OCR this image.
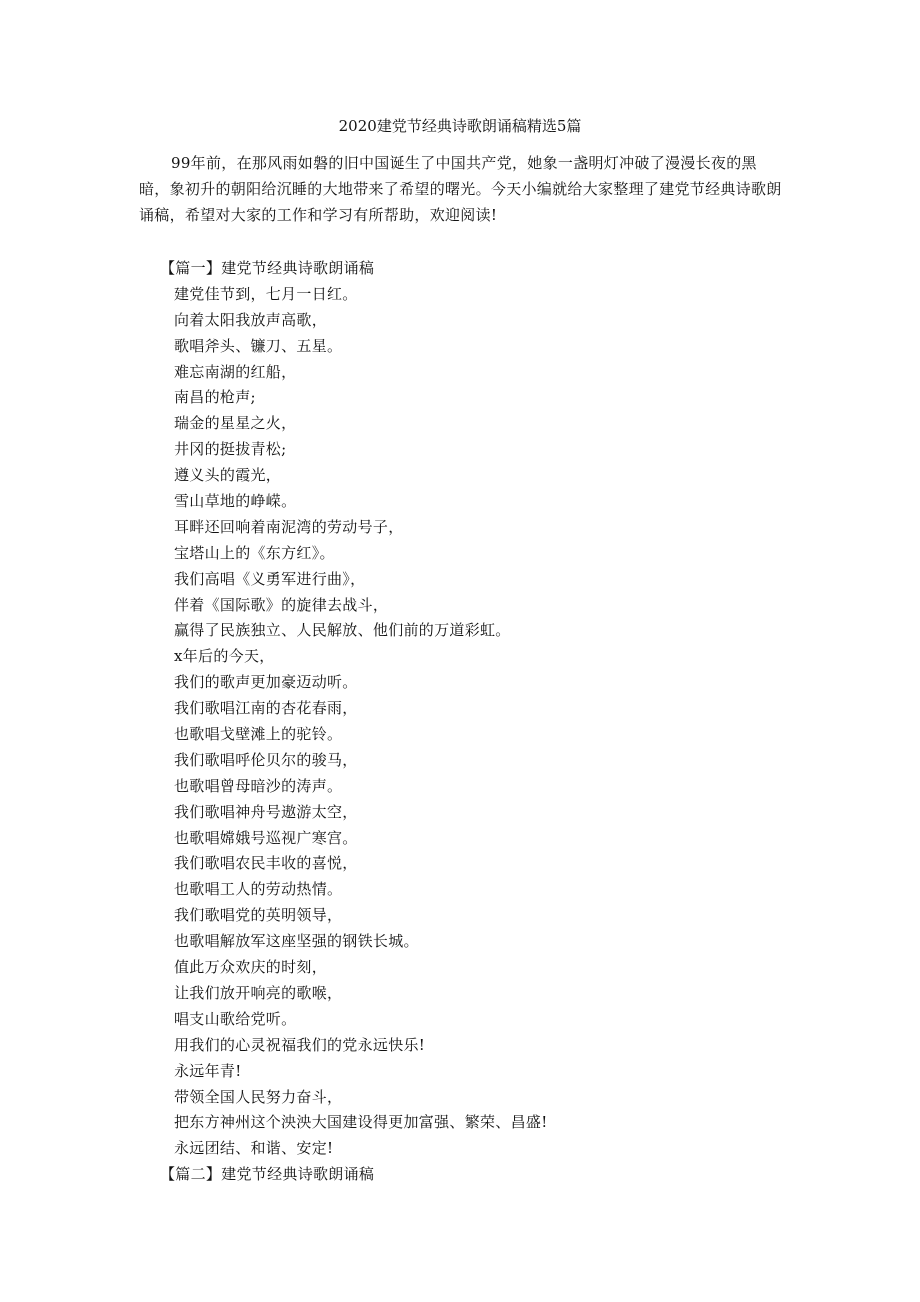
2020建党节经典诗歌朗诵稿精选5篇

99年前，在那风雨如磐的旧中国诞生了中国共产党，她象一盏明灯冲破了漫漫长夜的黑暗，象初升的朝阳给沉睡的大地带来了希望的曙光。今天小编就给大家整理了建党节经典诗歌朗诵稿，希望对大家的工作和学习有所帮助，欢迎阅读!

【篇一】建党节经典诗歌朗诵稿
建党佳节到，七月一日红。
向着太阳我放声高歌，
歌唱斧头、镰刀、五星。
难忘南湖的红船，
南昌的枪声;
瑞金的星星之火，
井冈的挺拔青松;
遵义头的霞光，
雪山草地的峥嵘。
耳畔还回响着南泥湾的劳动号子，
宝塔山上的《东方红》。
我们高唱《义勇军进行曲》，
伴着《国际歌》的旋律去战斗，
赢得了民族独立、人民解放、他们前的万道彩虹。
x年后的今天，
我们的歌声更加豪迈动听。
我们歌唱江南的杏花春雨，
也歌唱戈壁滩上的驼铃。
我们歌唱呼伦贝尔的骏马，
也歌唱曾母暗沙的涛声。
我们歌唱神舟号遨游太空，
也歌唱嫦娥号巡视广寒宫。
我们歌唱农民丰收的喜悦，
也歌唱工人的劳动热情。
我们歌唱党的英明领导，
也歌唱解放军这座坚强的钢铁长城。
值此万众欢庆的时刻，
让我们放开响亮的歌喉，
唱支山歌给党听。
用我们的心灵祝福我们的党永远快乐!
永远年青!
带领全国人民努力奋斗，
把东方神州这个泱泱大国建设得更加富强、繁荣、昌盛!
永远团结、和谐、安定!
【篇二】建党节经典诗歌朗诵稿
